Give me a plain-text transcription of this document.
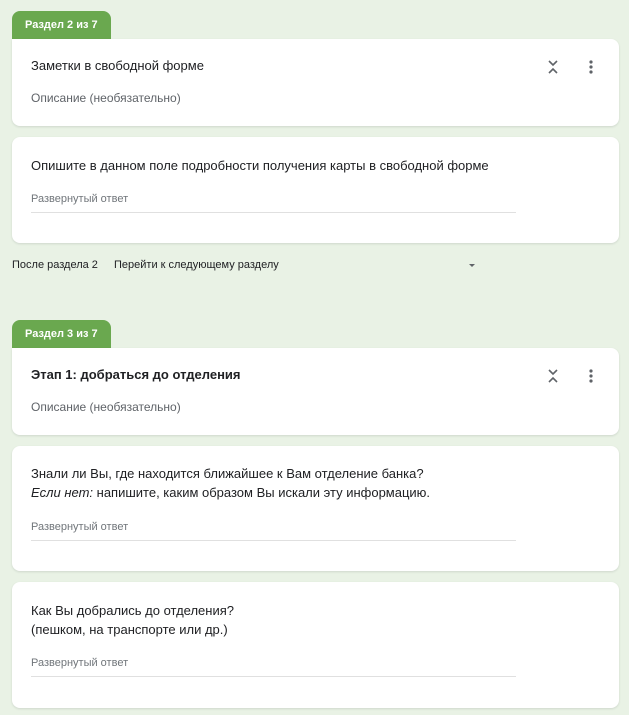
Раздел 2 из 7
Заметки в свободной форме
Описание (необязательно)
Опишите в данном поле подробности получения карты в свободной форме
Развернутый ответ
После раздела 2 Перейти к следующему разделу
Раздел 3 из 7
Этап 1: добраться до отделения
Описание (необязательно)
Знали ли Вы, где находится ближайшее к Вам отделение банка?
Если нет: напишите, каким образом Вы искали эту информацию.
Развернутый ответ
Как Вы добрались до отделения?
(пешком, на транспорте или др.)
Развернутый ответ
